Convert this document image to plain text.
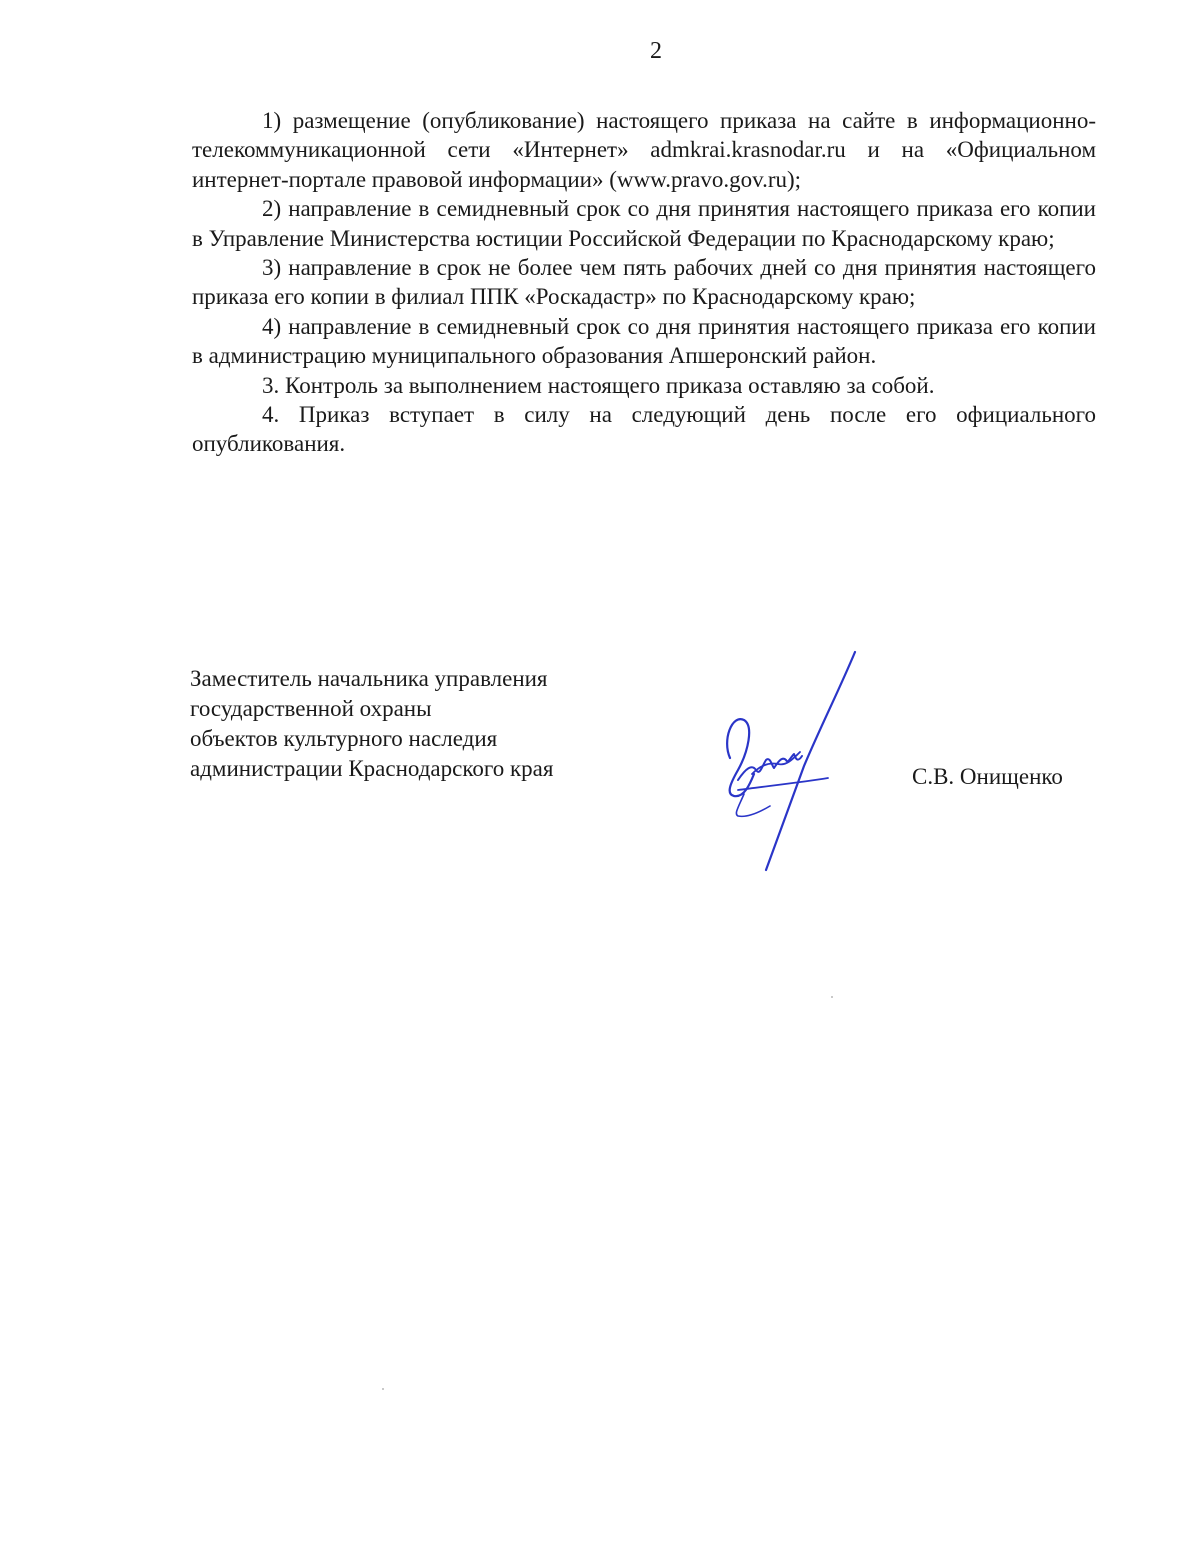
2

1) размещение (опубликование) настоящего приказа на сайте в информационно-телекоммуникационной сети «Интернет» admkrai.krasnodar.ru и на «Официальном интернет-портале правовой информации» (www.pravo.gov.ru);

2) направление в семидневный срок со дня принятия настоящего приказа его копии в Управление Министерства юстиции Российской Федерации по Краснодарскому краю;

3) направление в срок не более чем пять рабочих дней со дня принятия настоящего приказа его копии в филиал ППК «Роскадастр» по Краснодарскому краю;

4) направление в семидневный срок со дня принятия настоящего приказа его копии в администрацию муниципального образования Апшеронский район.

3. Контроль за выполнением настоящего приказа оставляю за собой.

4. Приказ вступает в силу на следующий день после его официального опубликования.

Заместитель начальника управления
государственной охраны
объектов культурного наследия
администрации Краснодарского края	С.В. Онищенко
